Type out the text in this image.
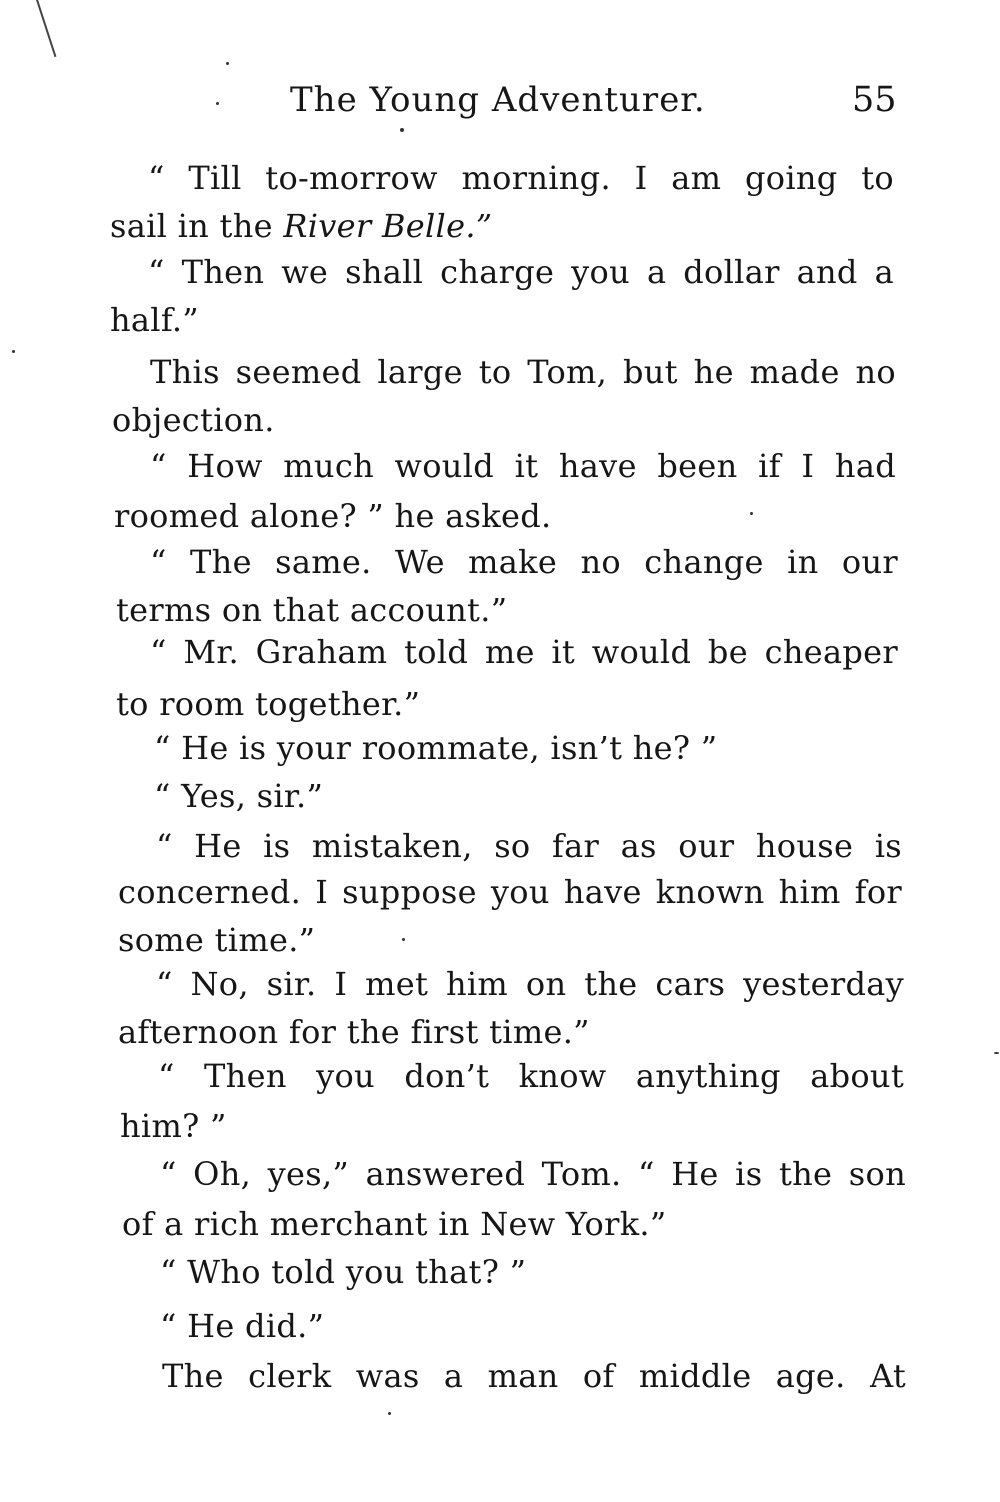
The Young Adventurer.	55
“ Till to-morrow morning. I am going to
sail in the River Belle.”
“ Then we shall charge you a dollar and a
half.”
This seemed large to Tom, but he made no
objection.
“ How much would it have been if I had
roomed alone? ” he asked.
“ The same. We make no change in our
terms on that account.”
“ Mr. Graham told me it would be cheaper
to room together.”
“ He is your roommate, isn’t he? ”
“ Yes, sir.”
“ He is mistaken, so far as our house is
concerned. I suppose you have known him for
some time.”
“ No, sir. I met him on the cars yesterday
afternoon for the first time.”
“ Then you don’t know anything about
him? ”
“ Oh, yes,” answered Tom. “ He is the son
of a rich merchant in New York.”
“ Who told you that? ”
“ He did.”
The clerk was a man of middle age. At
